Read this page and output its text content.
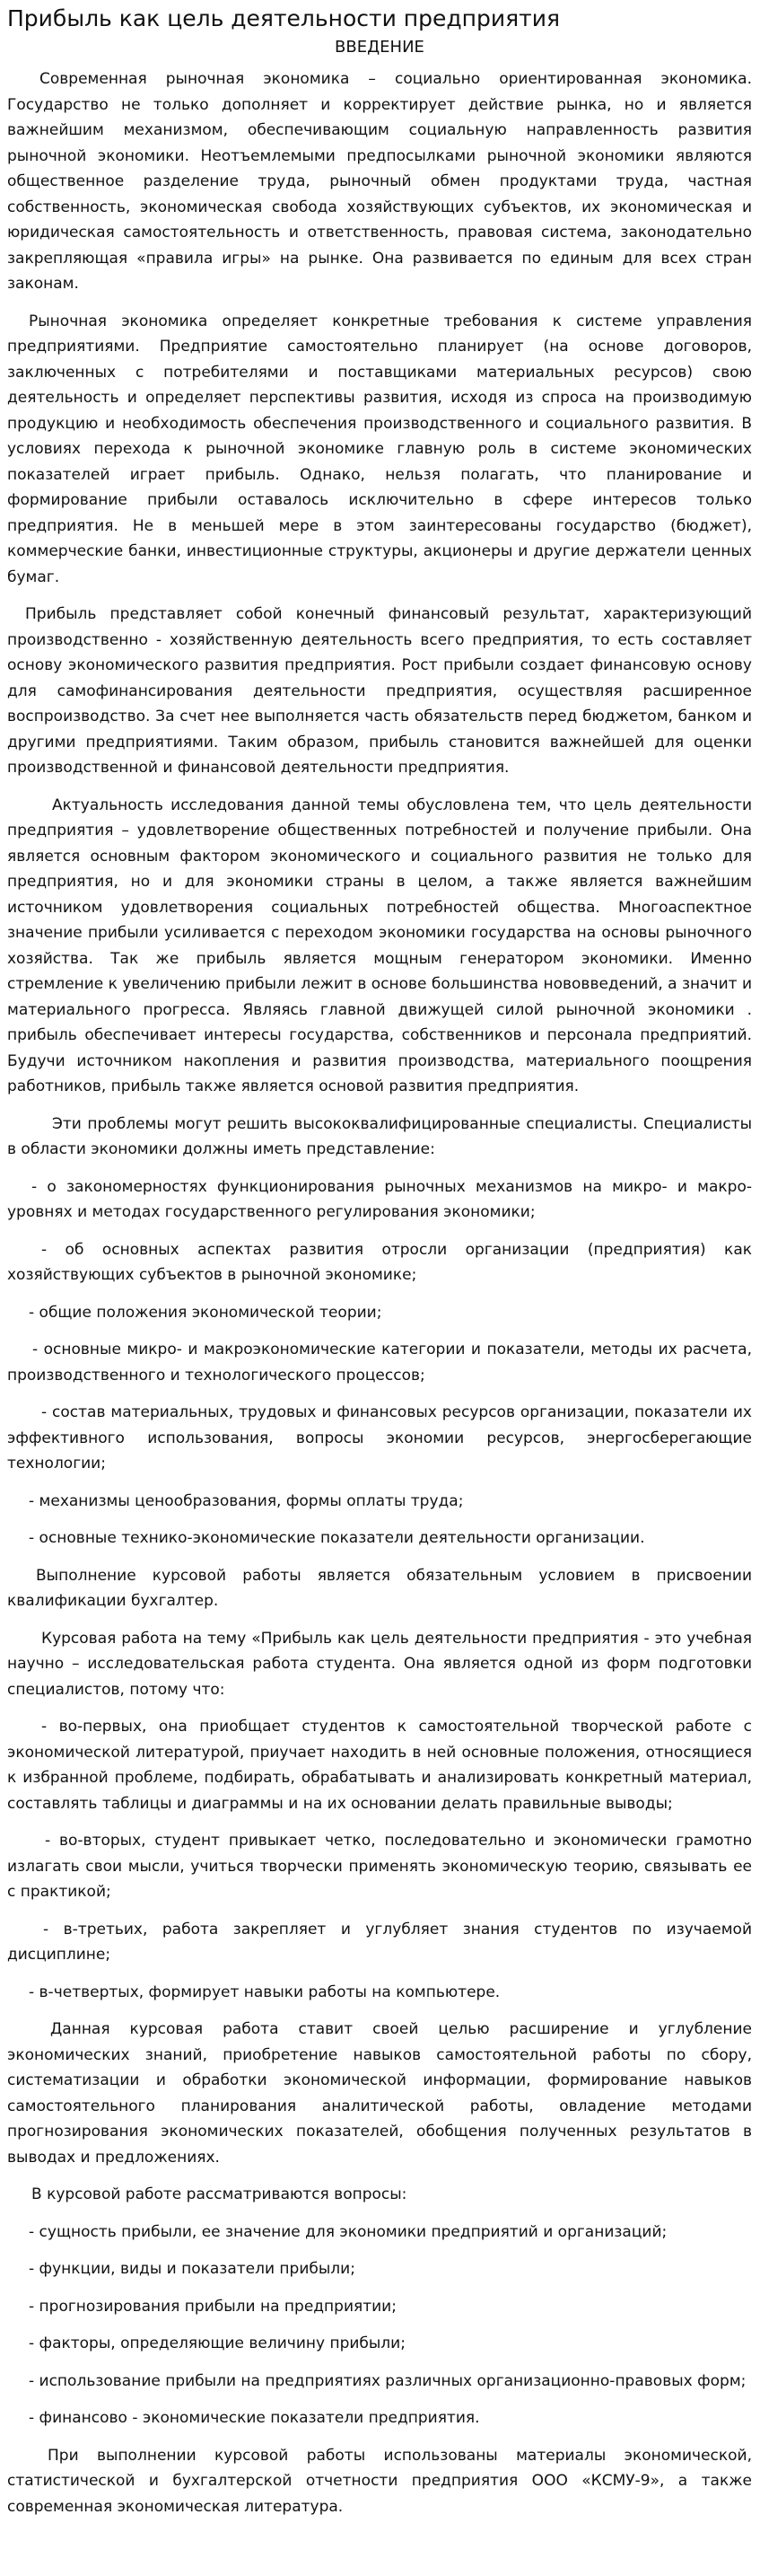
Прибыль как цель деятельности предприятия
ВВЕДЕНИЕ

Современная рыночная экономика – социально ориентированная экономика. Государство не только дополняет и корректирует действие рынка, но и является важнейшим механизмом, обеспечивающим социальную направленность развития рыночной экономики. Неотъемлемыми предпосылками рыночной экономики являются общественное разделение труда, рыночный обмен продуктами труда, частная собственность, экономическая свобода хозяйствующих субъектов, их экономическая и юридическая самостоятельность и ответственность, правовая система, законодательно закрепляющая «правила игры» на рынке. Она развивается по единым для всех стран законам.

Рыночная экономика определяет конкретные требования к системе управления предприятиями. Предприятие самостоятельно планирует (на основе договоров, заключенных с потребителями и поставщиками материальных ресурсов) свою деятельность и определяет перспективы развития, исходя из спроса на производимую продукцию и необходимость обеспечения производственного и социального развития. В условиях перехода к рыночной экономике главную роль в системе экономических показателей играет прибыль. Однако, нельзя полагать, что планирование и формирование прибыли оставалось исключительно в сфере интересов только предприятия. Не в меньшей мере в этом заинтересованы государство (бюджет), коммерческие банки, инвестиционные структуры, акционеры и другие держатели ценных бумаг.

Прибыль представляет собой конечный финансовый результат, характеризующий производственно - хозяйственную деятельность всего предприятия, то есть составляет основу экономического развития предприятия. Рост прибыли создает финансовую основу для самофинансирования деятельности предприятия, осуществляя расширенное воспроизводство. За счет нее выполняется часть обязательств перед бюджетом, банком и другими предприятиями. Таким образом, прибыль становится важнейшей для оценки производственной и финансовой деятельности предприятия.

Актуальность исследования данной темы обусловлена тем, что цель деятельности предприятия – удовлетворение общественных потребностей и получение прибыли. Она является основным фактором экономического и социального развития не только для предприятия, но и для экономики страны в целом, а также является важнейшим источником удовлетворения социальных потребностей общества. Многоаспектное значение прибыли усиливается с переходом экономики государства на основы рыночного хозяйства. Так же прибыль является мощным генератором экономики. Именно стремление к увеличению прибыли лежит в основе большинства нововведений, а значит и материального прогресса. Являясь главной движущей силой рыночной экономики . прибыль обеспечивает интересы государства, собственников и персонала предприятий. Будучи источником накопления и развития производства, материального поощрения работников, прибыль также является основой развития предприятия.

Эти проблемы могут решить высококвалифицированные специалисты. Специалисты в области экономики должны иметь представление:

- о закономерностях функционирования рыночных механизмов на микро- и макро-уровнях и методах государственного регулирования экономики;

- об основных аспектах развития отросли организации (предприятия) как хозяйствующих субъектов в рыночной экономике;

- общие положения экономической теории;

- основные микро- и макроэкономические категории и показатели, методы их расчета, производственного и технологического процессов;

- состав материальных, трудовых и финансовых ресурсов организации, показатели их эффективного использования, вопросы экономии ресурсов, энергосберегающие технологии;

- механизмы ценообразования, формы оплаты труда;

- основные технико-экономические показатели деятельности организации.

Выполнение курсовой работы является обязательным условием в присвоении квалификации бухгалтер.

Курсовая работа на тему «Прибыль как цель деятельности предприятия - это учебная научно – исследовательская работа студента. Она является одной из форм подготовки специалистов, потому что:

- во-первых, она приобщает студентов к самостоятельной творческой работе с экономической литературой, приучает находить в ней основные положения, относящиеся к избранной проблеме, подбирать, обрабатывать и анализировать конкретный материал, составлять таблицы и диаграммы и на их основании делать правильные выводы;

- во-вторых, студент привыкает четко, последовательно и экономически грамотно излагать свои мысли, учиться творчески применять экономическую теорию, связывать ее с практикой;

- в-третьих, работа закрепляет и углубляет знания студентов по изучаемой дисциплине;

- в-четвертых, формирует навыки работы на компьютере.

Данная курсовая работа ставит своей целью расширение и углубление экономических знаний, приобретение навыков самостоятельной работы по сбору, систематизации и обработки экономической информации, формирование навыков самостоятельного планирования аналитической работы, овладение методами прогнозирования экономических показателей, обобщения полученных результатов в выводах и предложениях.

В курсовой работе рассматриваются вопросы:

- сущность прибыли, ее значение для экономики предприятий и организаций;

- функции, виды и показатели прибыли;

- прогнозирования прибыли на предприятии;

- факторы, определяющие величину прибыли;

- использование прибыли на предприятиях различных организационно-правовых форм;

- финансово - экономические показатели предприятия.

При выполнении курсовой работы использованы материалы экономической, статистической и бухгалтерской отчетности предприятия ООО «КСМУ-9», а также современная экономическая литература.
